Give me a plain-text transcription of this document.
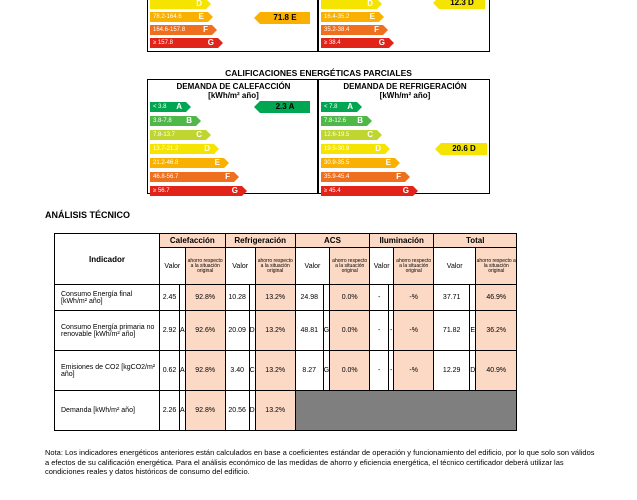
D
78.2-164.6 E
164.6-157.8 F
≥ 157.8	G
71.8 E
D
16.4-35.2	E
35.2-38.4	F
≥ 38.4	G
12.3 D
CALIFICACIONES ENERGÉTICAS PARCIALES
DEMANDA DE CALEFACCIÓN
[kWh/m² año]
< 3.8 A
3.8-7.8 B
7.8-13.7	C
13.7-21.2	D
21.2-46.8	E
46.8-56.7	F
≥ 56.7	G
2.3 A
DEMANDA DE REFRIGERACIÓN
[kWh/m² año]
< 7.8 A
7.8-12.6 B
12.6-19.5 C
19.5-30.9	D
30.9-35.5	E
35.9-45.4	F
≥ 45.4	G
20.6 D
ANÁLISIS TÉCNICO
Indicador	Calefacción			Refrigeración			ACS			Iluminación			Total		
	Valor		ahorro respecto a la situación original	Valor		ahorro respecto a la situación original	Valor		ahorro respecto a la situación original	Valor		ahorro respecto a la situación original	Valor		ahorro respecto a la situación original
Consumo Energía final [kWh/m² año]	2.45		92.8%	10.28		13.2%	24.98		0.0%	-		-%	37.71		46.9%
Consumo Energía primaria no renovable [kWh/m² año]	2.92	A	92.6%	20.09	D	13.2%	48.81	G	0.0%	-	-	-%	71.82	E	36.2%
Emisiones de CO2 [kgCO2/m² año]	0.62	A	92.8%	3.40	C	13.2%	8.27	G	0.0%	-	-	-%	12.29	D	40.9%
Demanda [kWh/m² año]	2.26	A	92.8%	20.56	D	13.2%									
Nota: Los indicadores energéticos anteriores están calculados en base a coeficientes estándar de operación y funcionamiento del edificio, por lo que solo son válidos a efectos de su calificación energética. Para el análisis económico de las medidas de ahorro y eficiencia energética, el técnico certificador deberá utilizar las condiciones reales y datos históricos de consumo del edificio.
